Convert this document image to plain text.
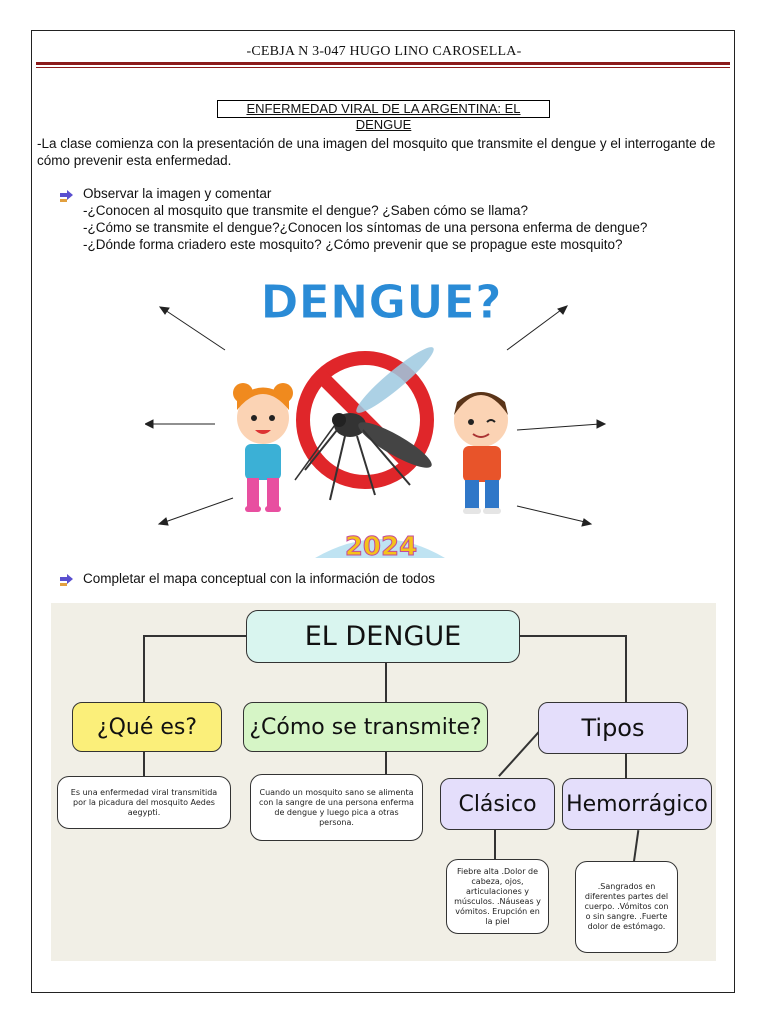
-CEBJA N 3-047 HUGO LINO CAROSELLA-
ENFERMEDAD VIRAL DE LA ARGENTINA: EL DENGUE
-La clase comienza con la presentación de una imagen del mosquito que transmite el dengue y el interrogante de cómo prevenir esta enfermedad.
Observar la imagen y comentar
-¿Conocen al mosquito que transmite el dengue? ¿Saben cómo se llama?
-¿Cómo se transmite el dengue?¿Conocen los síntomas de una persona enferma de dengue?
-¿Dónde forma criadero este mosquito? ¿Cómo prevenir que se propague este mosquito?
DENGUE?
2024
Completar el mapa conceptual con la información de todos
EL DENGUE
¿Qué es?	¿Cómo se transmite?	Tipos
Clásico	Hemorrágico
Es una enfermedad viral transmitida por la picadura del mosquito Aedes aegypti.
Cuando un mosquito sano se alimenta con la sangre de una persona enferma de dengue y luego pica a otras persona.
Fiebre alta .Dolor de cabeza, ojos, articulaciones y músculos. .Náuseas y vómitos. Erupción en la piel
.Sangrados en diferentes partes del cuerpo. .Vómitos con o sin sangre. .Fuerte dolor de estómago.
